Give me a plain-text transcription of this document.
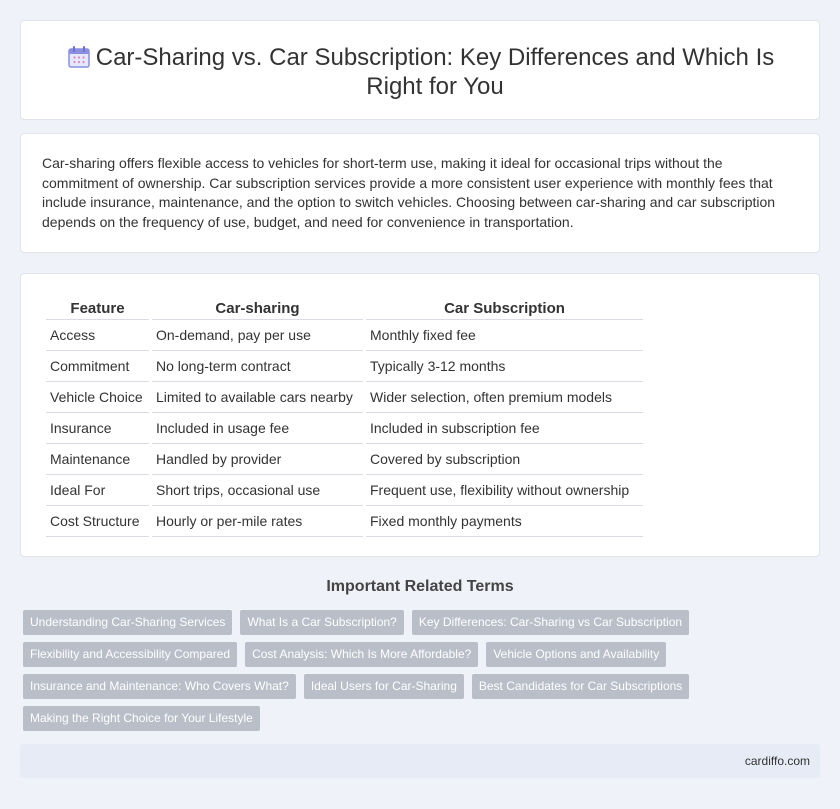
Car-Sharing vs. Car Subscription: Key Differences and Which Is Right for You

Car-sharing offers flexible access to vehicles for short-term use, making it ideal for occasional trips without the commitment of ownership. Car subscription services provide a more consistent user experience with monthly fees that include insurance, maintenance, and the option to switch vehicles. Choosing between car-sharing and car subscription depends on the frequency of use, budget, and need for convenience in transportation.

Feature	Car-sharing	Car Subscription
Access	On-demand, pay per use	Monthly fixed fee
Commitment	No long-term contract	Typically 3-12 months
Vehicle Choice	Limited to available cars nearby	Wider selection, often premium models
Insurance	Included in usage fee	Included in subscription fee
Maintenance	Handled by provider	Covered by subscription
Ideal For	Short trips, occasional use	Frequent use, flexibility without ownership
Cost Structure	Hourly or per-mile rates	Fixed monthly payments
Important Related Terms
Understanding Car-Sharing Services	What Is a Car Subscription?	Key Differences: Car-Sharing vs Car Subscription
Flexibility and Accessibility Compared	Cost Analysis: Which Is More Affordable?	Vehicle Options and Availability
Insurance and Maintenance: Who Covers What?	Ideal Users for Car-Sharing	Best Candidates for Car Subscriptions
Making the Right Choice for Your Lifestyle
cardiffo.com
